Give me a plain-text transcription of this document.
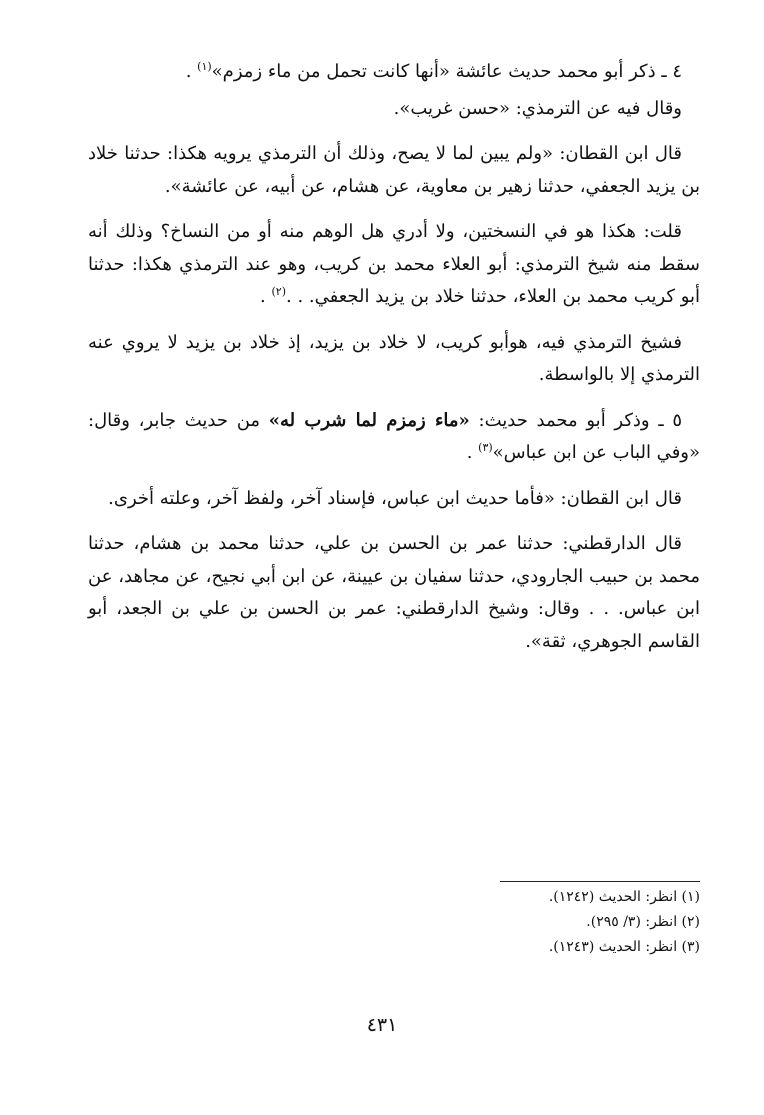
٤ ـ ذكر أبو محمد حديث عائشة «أنها كانت تحمل من ماء زمزم»$^{(١)}$ .

وقال فيه عن الترمذي: «حسن غريب».

قال ابن القطان: «ولم يبين لما لا يصح، وذلك أن الترمذي يرويه هكذا: حدثنا خلاد بن يزيد الجعفي، حدثنا زهير بن معاوية، عن هشام، عن أبيه، عن عائشة».

قلت: هكذا هو في النسختين، ولا أدري هل الوهم منه أو من النساخ؟ وذلك أنه سقط منه شيخ الترمذي: أبو العلاء محمد بن كريب، وهو عند الترمذي هكذا: حدثنا أبو كريب محمد بن العلاء، حدثنا خلاد بن يزيد الجعفي. . .$^{(٢)}$ .

فشيخ الترمذي فيه، هوأبو كريب، لا خلاد بن يزيد، إذ خلاد بن يزيد لا يروي عنه الترمذي إلا بالواسطة.

٥ ـ وذكر أبو محمد حديث: «ماء زمزم لما شرب له» من حديث جابر، وقال: «وفي الباب عن ابن عباس»$^{(٣)}$ .

قال ابن القطان: «فأما حديث ابن عباس، فإسناد آخر، ولفظ آخر، وعلته أخرى.

قال الدارقطني: حدثنا عمر بن الحسن بن علي، حدثنا محمد بن هشام، حدثنا محمد بن حبيب الجارودي، حدثنا سفيان بن عيينة، عن ابن أبي نجيح، عن مجاهد، عن ابن عباس. . . وقال: وشيخ الدارقطني: عمر بن الحسن بن علي بن الجعد، أبو القاسم الجوهري، ثقة».

(١) انظر: الحديث (١٢٤٢).
(٢) انظر: (٣/ ٢٩٥).
(٣) انظر: الحديث (١٢٤٣).
٤٣١
